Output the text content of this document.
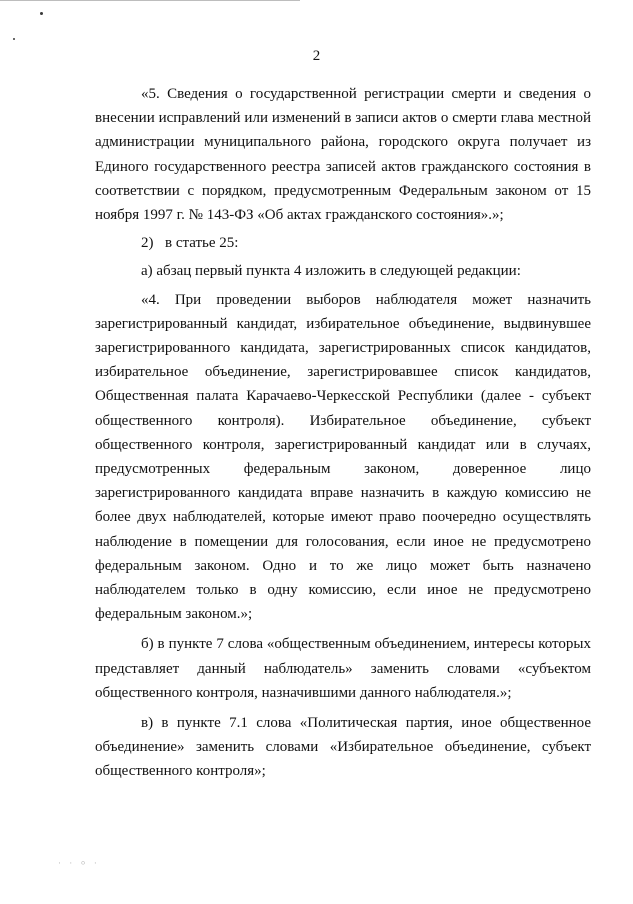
· · ⸰ ·
2

«5. Сведения о государственной регистрации смерти и сведения о внесении исправлений или изменений в записи актов о смерти глава местной администрации муниципального района, городского округа получает из Единого государственного реестра записей актов гражданского состояния в соответствии с порядком, предусмотренным Федеральным законом от 15 ноября 1997 г. № 143-ФЗ «Об актах гражданского состояния».»;

2) в статье 25:

а) абзац первый пункта 4 изложить в следующей редакции:

«4. При проведении выборов наблюдателя может назначить зарегистрированный кандидат, избирательное объединение, выдвинувшее зарегистрированного кандидата, зарегистрированных список кандидатов, избирательное объединение, зарегистрировавшее список кандидатов, Общественная палата Карачаево-Черкесской Республики (далее - субъект общественного контроля). Избирательное объединение, субъект общественного контроля, зарегистрированный кандидат или в случаях, предусмотренных федеральным законом, доверенное лицо зарегистрированного кандидата вправе назначить в каждую комиссию не более двух наблюдателей, которые имеют право поочередно осуществлять наблюдение в помещении для голосования, если иное не предусмотрено федеральным законом. Одно и то же лицо может быть назначено наблюдателем только в одну комиссию, если иное не предусмотрено федеральным законом.»;

б) в пункте 7 слова «общественным объединением, интересы которых представляет данный наблюдатель» заменить словами «субъектом общественного контроля, назначившими данного наблюдателя.»;

в) в пункте 7.1 слова «Политическая партия, иное общественное объединение» заменить словами «Избирательное объединение, субъект общественного контроля»;
